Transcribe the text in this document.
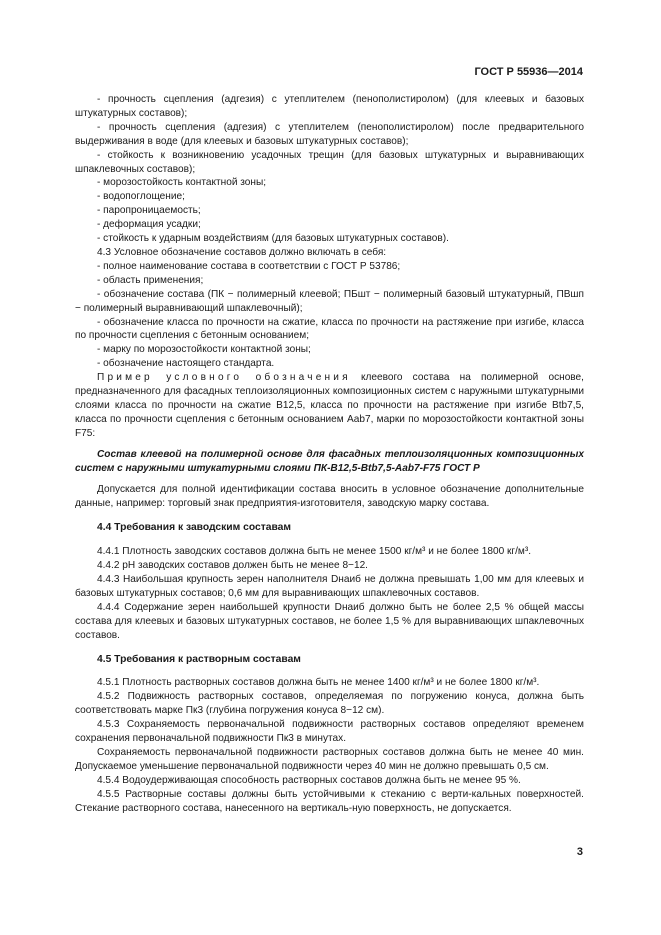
ГОСТ Р 55936—2014
- прочность сцепления (адгезия) с утеплителем (пенополистиролом) (для клеевых и базовых штукатурных составов);
- прочность сцепления (адгезия) с утеплителем (пенополистиролом) после предварительного выдерживания в воде (для клеевых и базовых штукатурных составов);
- стойкость к возникновению усадочных трещин (для базовых штукатурных и выравнивающих шпаклевочных составов);
- морозостойкость контактной зоны;
- водопоглощение;
- паропроницаемость;
- деформация усадки;
- стойкость к ударным воздействиям (для базовых штукатурных составов).
4.3 Условное обозначение составов должно включать в себя:
- полное наименование состава в соответствии с ГОСТ Р 53786;
- область применения;
- обозначение состава (ПК − полимерный клеевой; ПБшт − полимерный базовый штукатурный, ПВшп − полимерный выравнивающий шпаклевочный);
- обозначение класса по прочности на сжатие, класса по прочности на растяжение при изгибе, класса по прочности сцепления с бетонным основанием;
- марку по морозостойкости контактной зоны;
- обозначение настоящего стандарта.
Пример условного обозначения клеевого состава на полимерной основе, предназначенного для фасадных теплоизоляционных композиционных систем с наружными штукатурными слоями класса по прочности на сжатие B12,5, класса по прочности на растяжение при изгибе Btb7,5, класса по прочности сцепления с бетонным основанием Aab7, марки по морозостойкости контактной зоны F75:
Состав клеевой на полимерной основе для фасадных теплоизоляционных композиционных систем с наружными штукатурными слоями ПК-B12,5-Btb7,5-Aab7-F75 ГОСТ Р
Допускается для полной идентификации состава вносить в условное обозначение дополнительные данные, например: торговый знак предприятия-изготовителя, заводскую марку состава.
4.4 Требования к заводским составам
4.4.1 Плотность заводских составов должна быть не менее 1500 кг/м³ и не более 1800 кг/м³.
4.4.2 pH заводских составов должен быть не менее 8−12.
4.4.3 Наибольшая крупность зерен наполнителя Dнаиб не должна превышать 1,00 мм для клеевых и базовых штукатурных составов; 0,6 мм для выравнивающих шпаклевочных составов.
4.4.4 Содержание зерен наибольшей крупности Dнаиб должно быть не более 2,5 % общей массы состава для клеевых и базовых штукатурных составов, не более 1,5 % для выравнивающих шпаклевочных составов.
4.5 Требования к растворным составам
4.5.1 Плотность растворных составов должна быть не менее 1400 кг/м³ и не более 1800 кг/м³.
4.5.2 Подвижность растворных составов, определяемая по погружению конуса, должна быть соответствовать марке Пк3 (глубина погружения конуса 8−12 см).
4.5.3 Сохраняемость первоначальной подвижности растворных составов определяют временем сохранения первоначальной подвижности Пк3 в минутах.
Сохраняемость первоначальной подвижности растворных составов должна быть не менее 40 мин. Допускаемое уменьшение первоначальной подвижности через 40 мин не должно превышать 0,5 см.
4.5.4 Водоудерживающая способность растворных составов должна быть не менее 95 %.
4.5.5 Растворные составы должны быть устойчивыми к стеканию с верти-кальных поверхностей. Стекание растворного состава, нанесенного на вертикаль-ную поверхность, не допускается.
3
